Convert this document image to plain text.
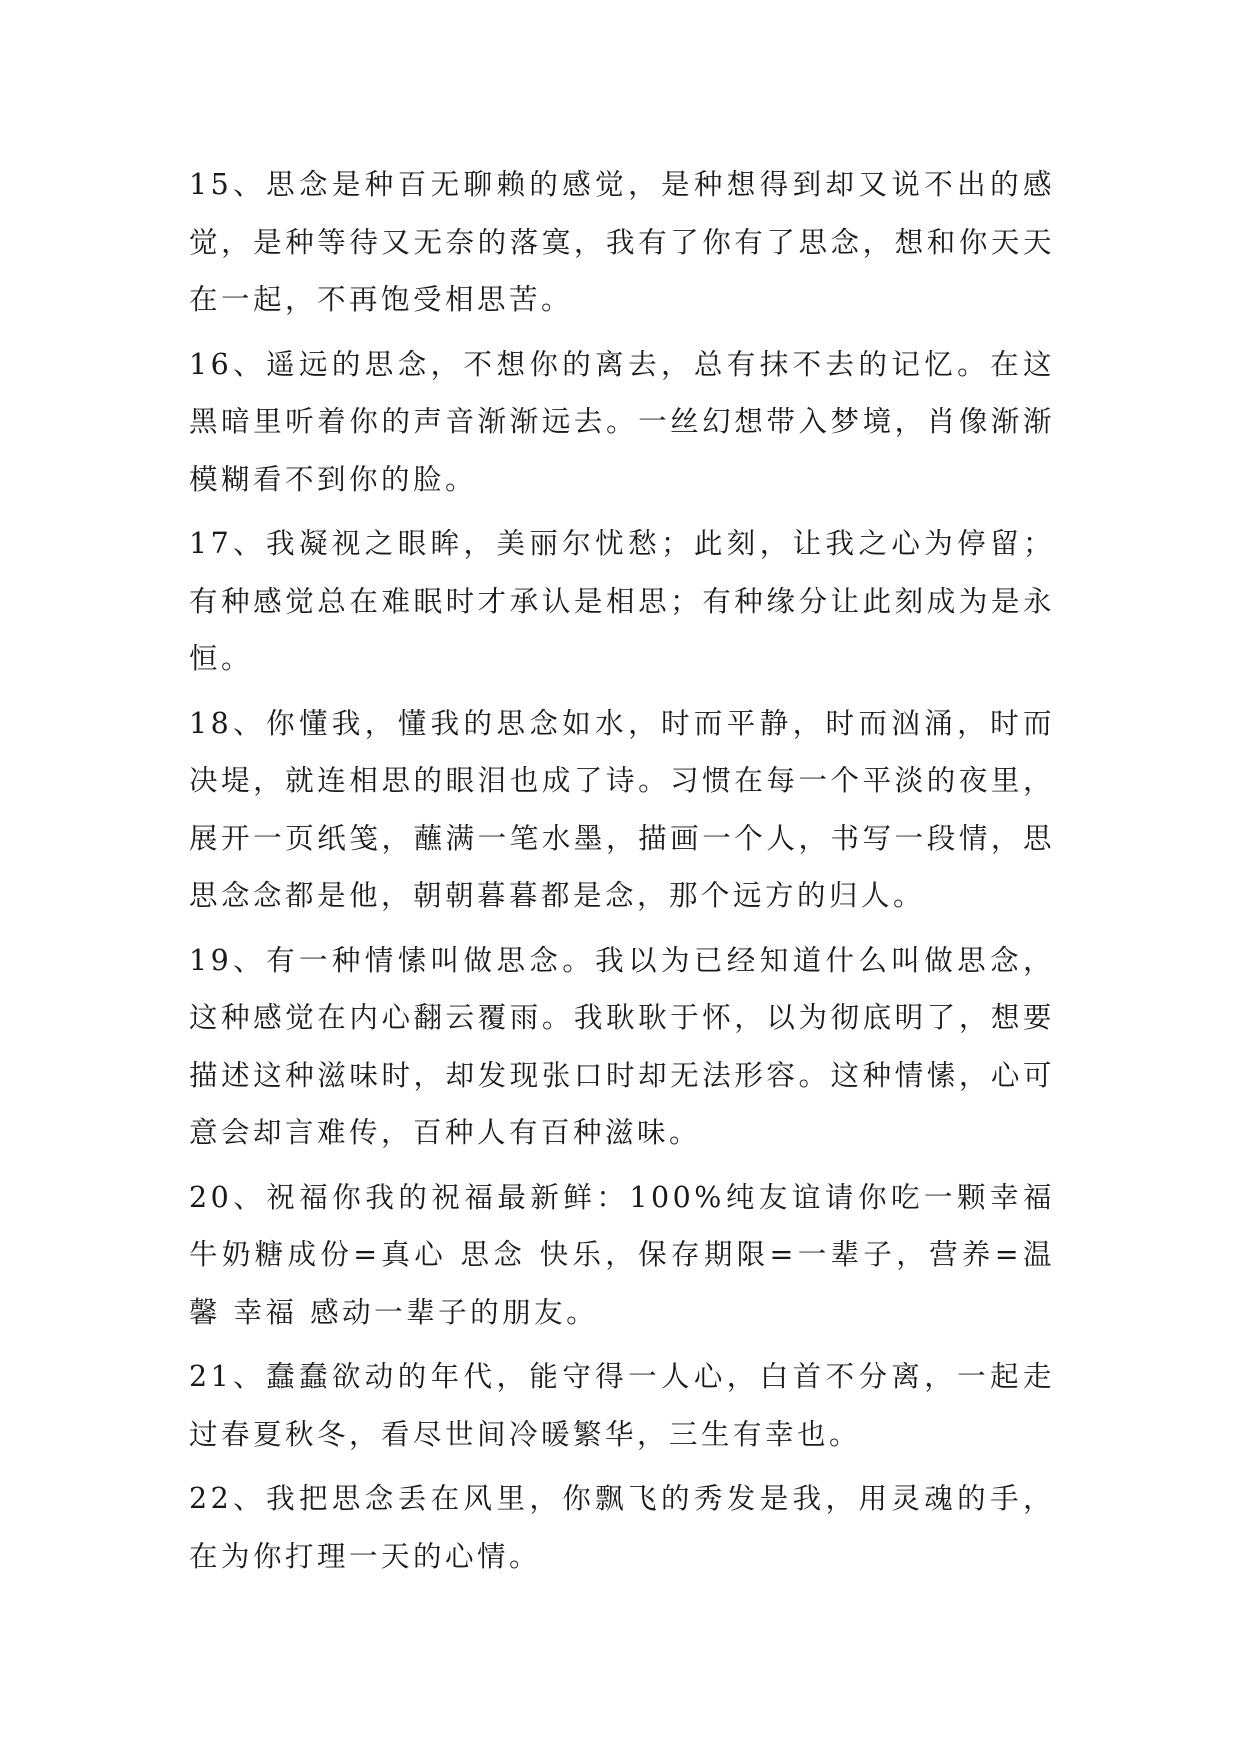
15、思念是种百无聊赖的感觉，是种想得到却又说不出的感觉，是种等待又无奈的落寞，我有了你有了思念，想和你天天在一起，不再饱受相思苦。

16、遥远的思念，不想你的离去，总有抹不去的记忆。在这黑暗里听着你的声音渐渐远去。一丝幻想带入梦境，肖像渐渐模糊看不到你的脸。

17、我凝视之眼眸，美丽尔忧愁；此刻，让我之心为停留；有种感觉总在难眠时才承认是相思；有种缘分让此刻成为是永恒。

18、你懂我，懂我的思念如水，时而平静，时而汹涌，时而决堤，就连相思的眼泪也成了诗。习惯在每一个平淡的夜里，展开一页纸笺，蘸满一笔水墨，描画一个人，书写一段情，思思念念都是他，朝朝暮暮都是念，那个远方的归人。

19、有一种情愫叫做思念。我以为已经知道什么叫做思念，这种感觉在内心翻云覆雨。我耿耿于怀，以为彻底明了，想要描述这种滋味时，却发现张口时却无法形容。这种情愫，心可意会却言难传，百种人有百种滋味。

20、祝福你我的祝福最新鲜：100%纯友谊请你吃一颗幸福牛奶糖成份=真心 思念 快乐，保存期限=一辈子，营养=温馨 幸福 感动一辈子的朋友。

21、蠢蠢欲动的年代，能守得一人心，白首不分离，一起走过春夏秋冬，看尽世间冷暖繁华，三生有幸也。

22、我把思念丢在风里，你飘飞的秀发是我，用灵魂的手，在为你打理一天的心情。
